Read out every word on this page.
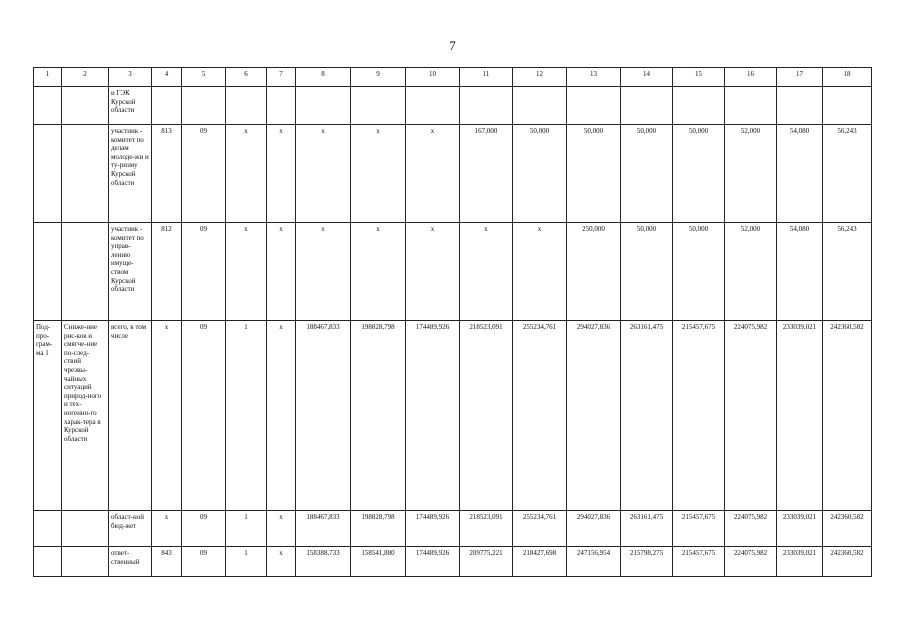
7
1	2	3	4	5	6	7	8	9	10	11	12	13	14	15	16	17	18
		и ГЭК Курской области															
		участник - комитет по делам молоде-жи и ту-ризму Курской области	813	09	x	x	x	x	x	167,000	50,000	50,000	50,000	50,000	52,000	54,080	56,243
		участник - комитет по управ-лению имуще-ством Курской области	812	09	x	x	x	x	x	x	x	250,000	50,000	50,000	52,000	54,080	56,243
Под-про-грам-ма 1	Сниже-ние рис-ков и смягче-ние по-след-ствий чрезвы-чайных ситуаций природ-ного и тех-ногенно-го харак-тера в Курской области	всего, в том числе	x	09	1	x	188467,833	198828,798	174489,926	218523,091	255234,761	294027,836	263161,475	215457,675	224075,982	233039,021	242360,582
		област-ной бюд-жет	x	09	1	x	188467,833	198828,798	174489,926	218523,091	255234,761	294027,836	263161,475	215457,675	224075,982	233039,021	242360,582
		ответ-ственный	843	09	1	x	158388,733	158541,880	174489,926	209775,221	218427,698	247156,954	215798,275	215457,675	224075,982	233039,021	242360,582
